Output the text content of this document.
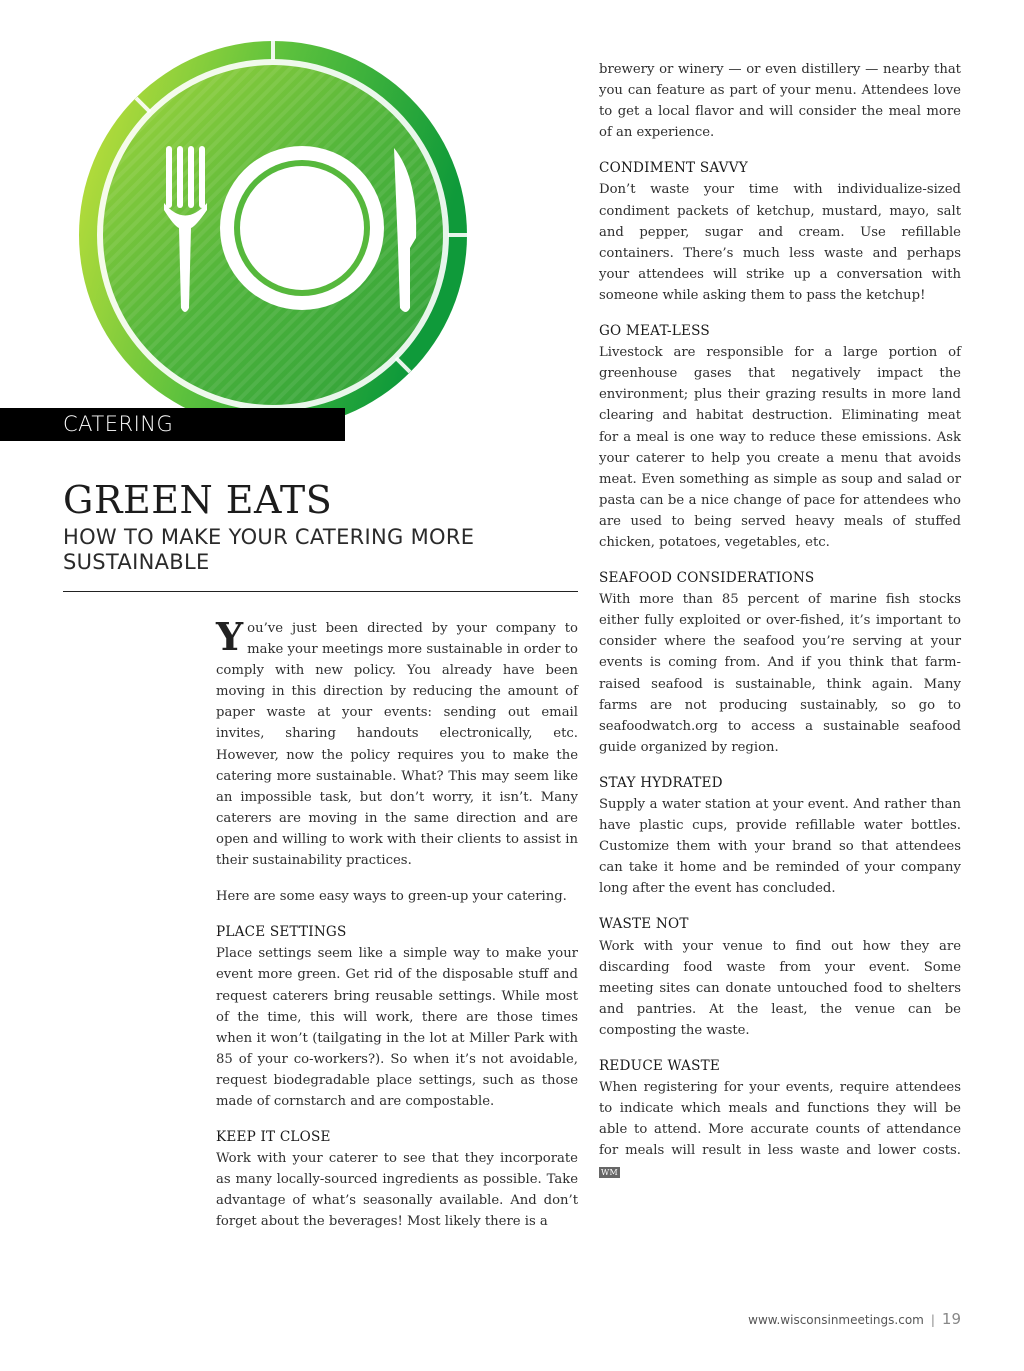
CATERING
GREEN EATS
HOW TO MAKE YOUR CATERING MORE SUSTAINABLE

You’ve just been directed by your company to make your meetings more sustainable in order to comply with new policy. You already have been moving in this direction by reducing the amount of paper waste at your events: sending out email invites, sharing handouts electronically, etc. However, now the policy requires you to make the catering more sustainable. What? This may seem like an impossible task, but don’t worry, it isn’t. Many caterers are moving in the same direction and are open and willing to work with their clients to assist in their sustainability practices.

Here are some easy ways to green-up your catering.

PLACE SETTINGS

Place settings seem like a simple way to make your event more green. Get rid of the disposable stuff and request caterers bring reusable settings. While most of the time, this will work, there are those times when it won’t (tailgating in the lot at Miller Park with 85 of your co-workers?). So when it’s not avoidable, request biodegradable place settings, such as those made of cornstarch and are compostable.

KEEP IT CLOSE

Work with your caterer to see that they incorporate as many locally-sourced ingredients as possible. Take advantage of what’s seasonally available. And don’t forget about the beverages! Most likely there is a

brewery or winery — or even distillery — nearby that you can feature as part of your menu. Attendees love to get a local flavor and will consider the meal more of an experience.

CONDIMENT SAVVY

Don’t waste your time with individualize-sized condiment packets of ketchup, mustard, mayo, salt and pepper, sugar and cream. Use refillable containers. There’s much less waste and perhaps your attendees will strike up a conversation with someone while asking them to pass the ketchup!

GO MEAT-LESS

Livestock are responsible for a large portion of greenhouse gases that negatively impact the environment; plus their grazing results in more land clearing and habitat destruction. Eliminating meat for a meal is one way to reduce these emissions. Ask your caterer to help you create a menu that avoids meat. Even something as simple as soup and salad or pasta can be a nice change of pace for attendees who are used to being served heavy meals of stuffed chicken, potatoes, vegetables, etc.

SEAFOOD CONSIDERATIONS

With more than 85 percent of marine fish stocks either fully exploited or over-fished, it’s important to consider where the seafood you’re serving at your events is coming from. And if you think that farm-raised seafood is sustainable, think again. Many farms are not producing sustainably, so go to seafoodwatch.org to access a sustainable seafood guide organized by region.

STAY HYDRATED

Supply a water station at your event. And rather than have plastic cups, provide refillable water bottles. Customize them with your brand so that attendees can take it home and be reminded of your company long after the event has concluded.

WASTE NOT

Work with your venue to find out how they are discarding food waste from your event. Some meeting sites can donate untouched food to shelters and pantries. At the least, the venue can be composting the waste.

REDUCE WASTE

When registering for your events, require attendees to indicate which meals and functions they will be able to attend. More accurate counts of attendance for meals will result in less waste and lower costs. WM

www.wisconsinmeetings.com | 19
